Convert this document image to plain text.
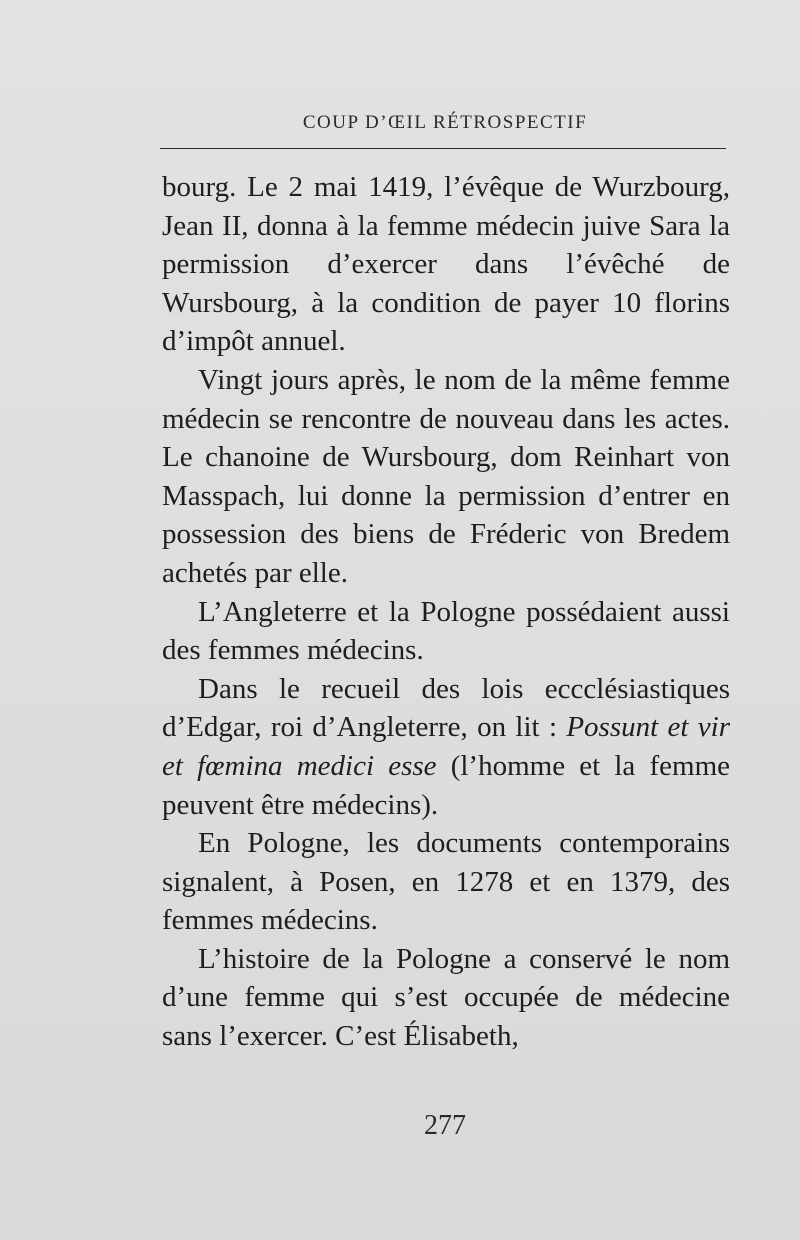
COUP D’ŒIL RÉTROSPECTIF

bourg. Le 2 mai 1419, l’évêque de Wurzbourg, Jean II, donna à la femme médecin juive Sara la permission d’exercer dans l’évêché de Wursbourg, à la condition de payer 10 florins d’impôt annuel.

Vingt jours après, le nom de la même femme médecin se rencontre de nouveau dans les actes. Le chanoine de Wursbourg, dom Reinhart von Masspach, lui donne la permission d’entrer en possession des biens de Fréderic von Bredem achetés par elle.

L’Angleterre et la Pologne possédaient aussi des femmes médecins.

Dans le recueil des lois eccclésiastiques d’Edgar, roi d’Angleterre, on lit : Possunt et vir et fœmina medici esse (l’homme et la femme peuvent être médecins).

En Pologne, les documents contemporains signalent, à Posen, en 1278 et en 1379, des femmes médecins.

L’histoire de la Pologne a conservé le nom d’une femme qui s’est occupée de médecine sans l’exercer. C’est Élisabeth,

277
